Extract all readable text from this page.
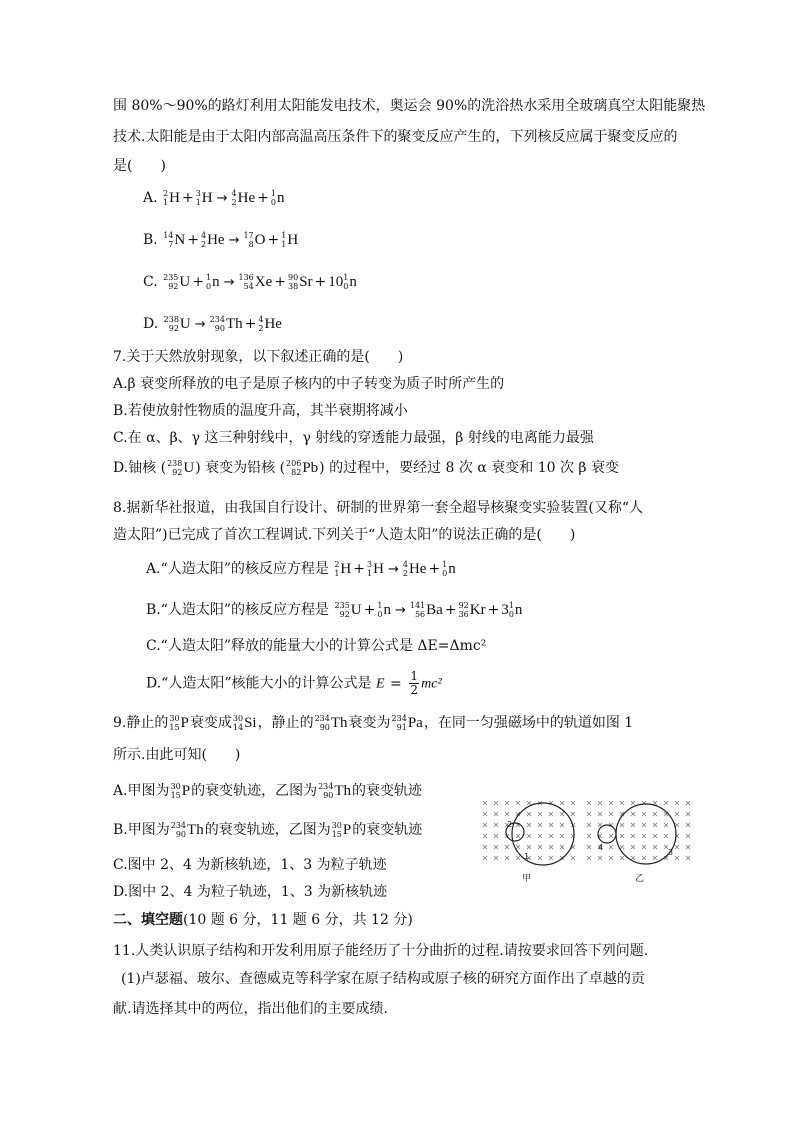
围 80%～90%的路灯利用太阳能发电技术，奥运会 90%的洗浴热水采用全玻璃真空太阳能聚热
技术.太阳能是由于太阳内部高温高压条件下的聚变反应产生的，下列核反应属于聚变反应的
是(　　)
A. 2
1 H + 3
1 H → 4
2 He + 1
0 n
B. 14
7 N + 4
2 He → 17
8 O + 1
1 H
C. 235
92 U + 1
0 n → 136
54 Xe + 90
38 Sr + 10 1
0 n
D. 238
92 U → 234
90 Th + 4
2 He
7.关于天然放射现象，以下叙述正确的是(　　)
A.β 衰变所释放的电子是原子核内的中子转变为质子时所产生的
B.若使放射性物质的温度升高，其半衰期将减小
C.在 α、β、γ 这三种射线中，γ 射线的穿透能力最强，β 射线的电离能力最强
D.铀核 ( 238
92 U) 衰变为铅核 ( 206
82 Pb) 的过程中，要经过 8 次 α 衰变和 10 次 β 衰变
8.据新华社报道，由我国自行设计、研制的世界第一套全超导核聚变实验装置(又称“人
造太阳”)已完成了首次工程调试.下列关于“人造太阳”的说法正确的是(　　)
A.“人造太阳”的核反应方程是 2
1 H + 3
1 H → 4
2 He + 1
0 n
B.“人造太阳”的核反应方程是 235
92 U + 1
0 n → 141
56 Ba + 92
36 Kr + 3 1
0 n
C.“人造太阳”释放的能量大小的计算公式是 ΔE=Δmc²
D.“人造太阳”核能大小的计算公式是 $E = \frac{1}{2} mc^2$
9.静止的 30
15 P衰变成 30
14 Si，静止的 234
90 Th衰变为 234
91 Pa，在同一匀强磁场中的轨道如图 1
所示.由此可知(　　)
A.甲图为 30
15 P的衰变轨迹，乙图为 234
90 Th的衰变轨迹
B.甲图为 234
90 Th的衰变轨迹，乙图为 30
15 P的衰变轨迹
C.图中 2、4 为新核轨迹，1、3 为粒子轨迹
D.图中 2、4 为粒子轨迹，1、3 为新核轨迹
2
1
4
3
甲	乙
二、填空题(10 题 6 分，11 题 6 分，共 12 分)
11.人类认识原子结构和开发利用原子能经历了十分曲折的过程.请按要求回答下列问题.
(1)卢瑟福、玻尔、查德威克等科学家在原子结构或原子核的研究方面作出了卓越的贡
献.请选择其中的两位，指出他们的主要成绩.
